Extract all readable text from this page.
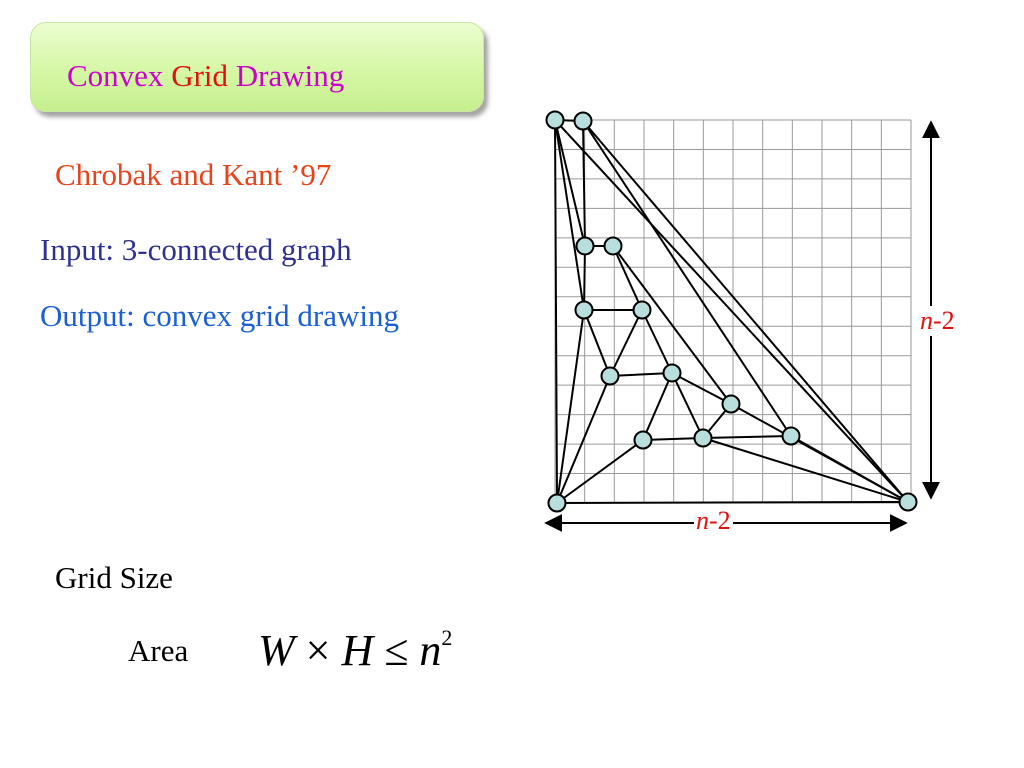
Convex Grid Drawing
Chrobak and Kant ’97
Input: 3-connected graph
Output: convex grid drawing
Grid Size
Area $W \times H \le n^2$
n-2
n-2
